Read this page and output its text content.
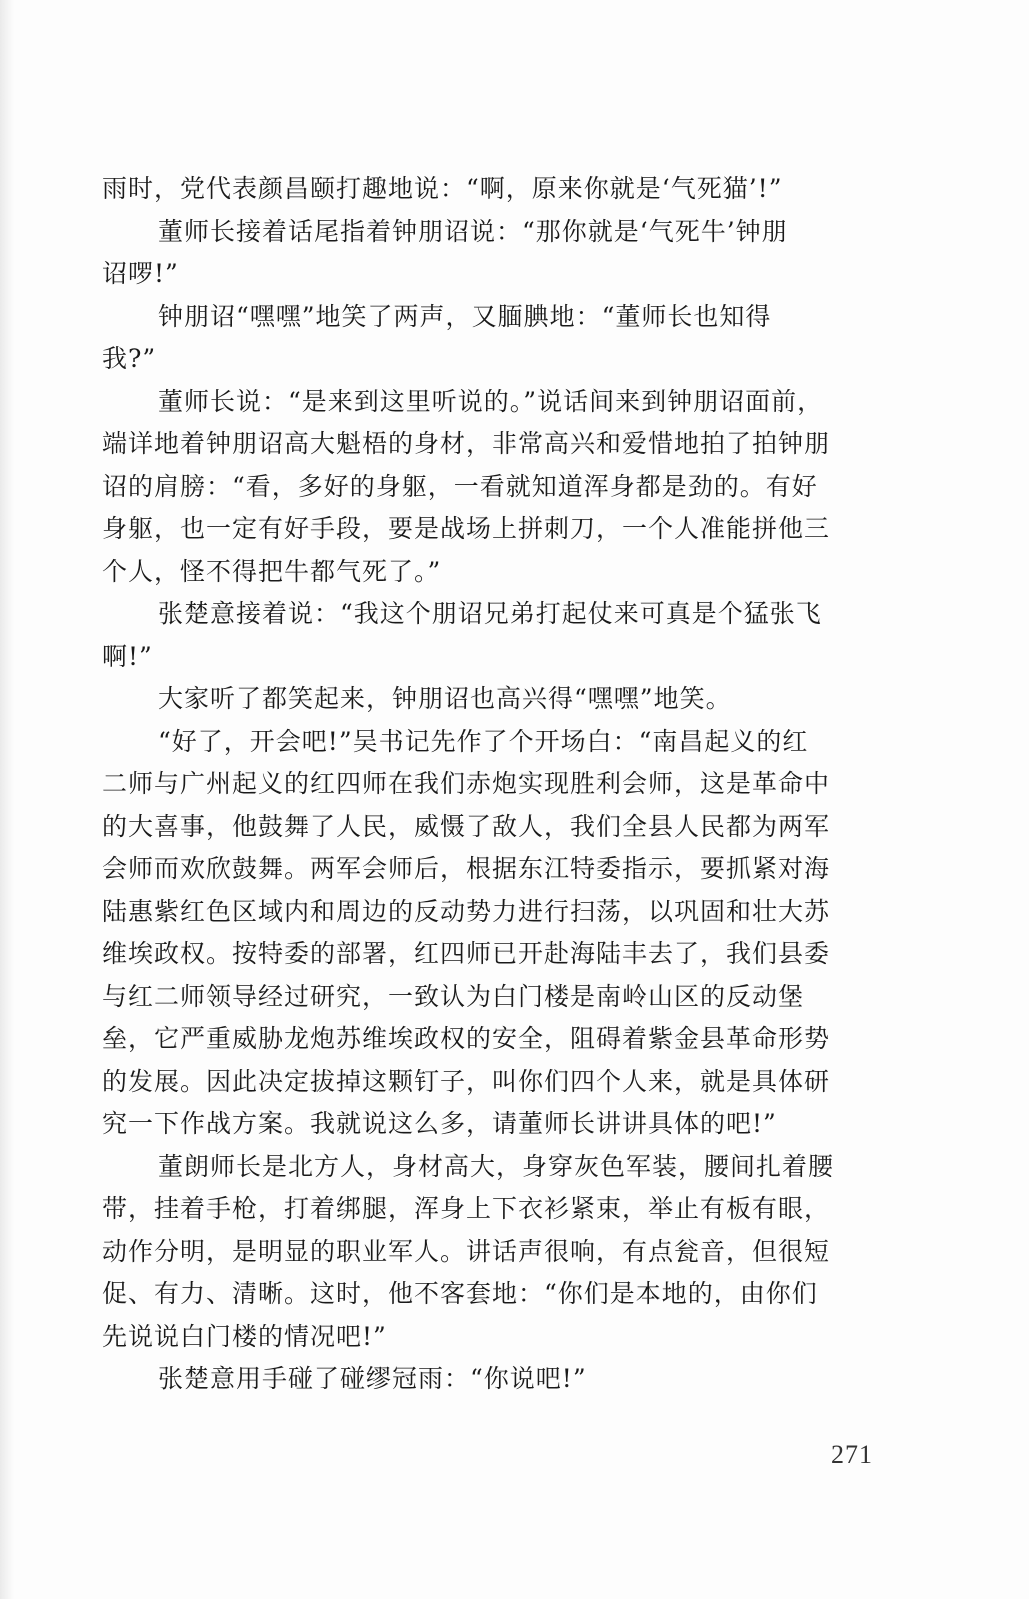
雨时，党代表颜昌颐打趣地说：“啊，原来你就是‘气死猫’!”
董师长接着话尾指着钟朋诏说：“那你就是‘气死牛’钟朋
诏啰!”
钟朋诏“嘿嘿”地笑了两声，又腼腆地：“董师长也知得
我?”
董师长说：“是来到这里听说的。”说话间来到钟朋诏面前，
端详地着钟朋诏高大魁梧的身材，非常高兴和爱惜地拍了拍钟朋
诏的肩膀：“看，多好的身躯，一看就知道浑身都是劲的。有好
身躯，也一定有好手段，要是战场上拼刺刀，一个人准能拼他三
个人，怪不得把牛都气死了。”
张楚意接着说：“我这个朋诏兄弟打起仗来可真是个猛张飞
啊!”
大家听了都笑起来，钟朋诏也高兴得“嘿嘿”地笑。
“好了，开会吧!”吴书记先作了个开场白：“南昌起义的红
二师与广州起义的红四师在我们赤炮实现胜利会师，这是革命中
的大喜事，他鼓舞了人民，威慑了敌人，我们全县人民都为两军
会师而欢欣鼓舞。两军会师后，根据东江特委指示，要抓紧对海
陆惠紫红色区域内和周边的反动势力进行扫荡，以巩固和壮大苏
维埃政权。按特委的部署，红四师已开赴海陆丰去了，我们县委
与红二师领导经过研究，一致认为白门楼是南岭山区的反动堡
垒，它严重威胁龙炮苏维埃政权的安全，阻碍着紫金县革命形势
的发展。因此决定拔掉这颗钉子，叫你们四个人来，就是具体研
究一下作战方案。我就说这么多，请董师长讲讲具体的吧!”
董朗师长是北方人，身材高大，身穿灰色军装，腰间扎着腰
带，挂着手枪，打着绑腿，浑身上下衣衫紧束，举止有板有眼，
动作分明，是明显的职业军人。讲话声很响，有点瓮音，但很短
促、有力、清晰。这时，他不客套地：“你们是本地的，由你们
先说说白门楼的情况吧!”
张楚意用手碰了碰缪冠雨：“你说吧!”
271
